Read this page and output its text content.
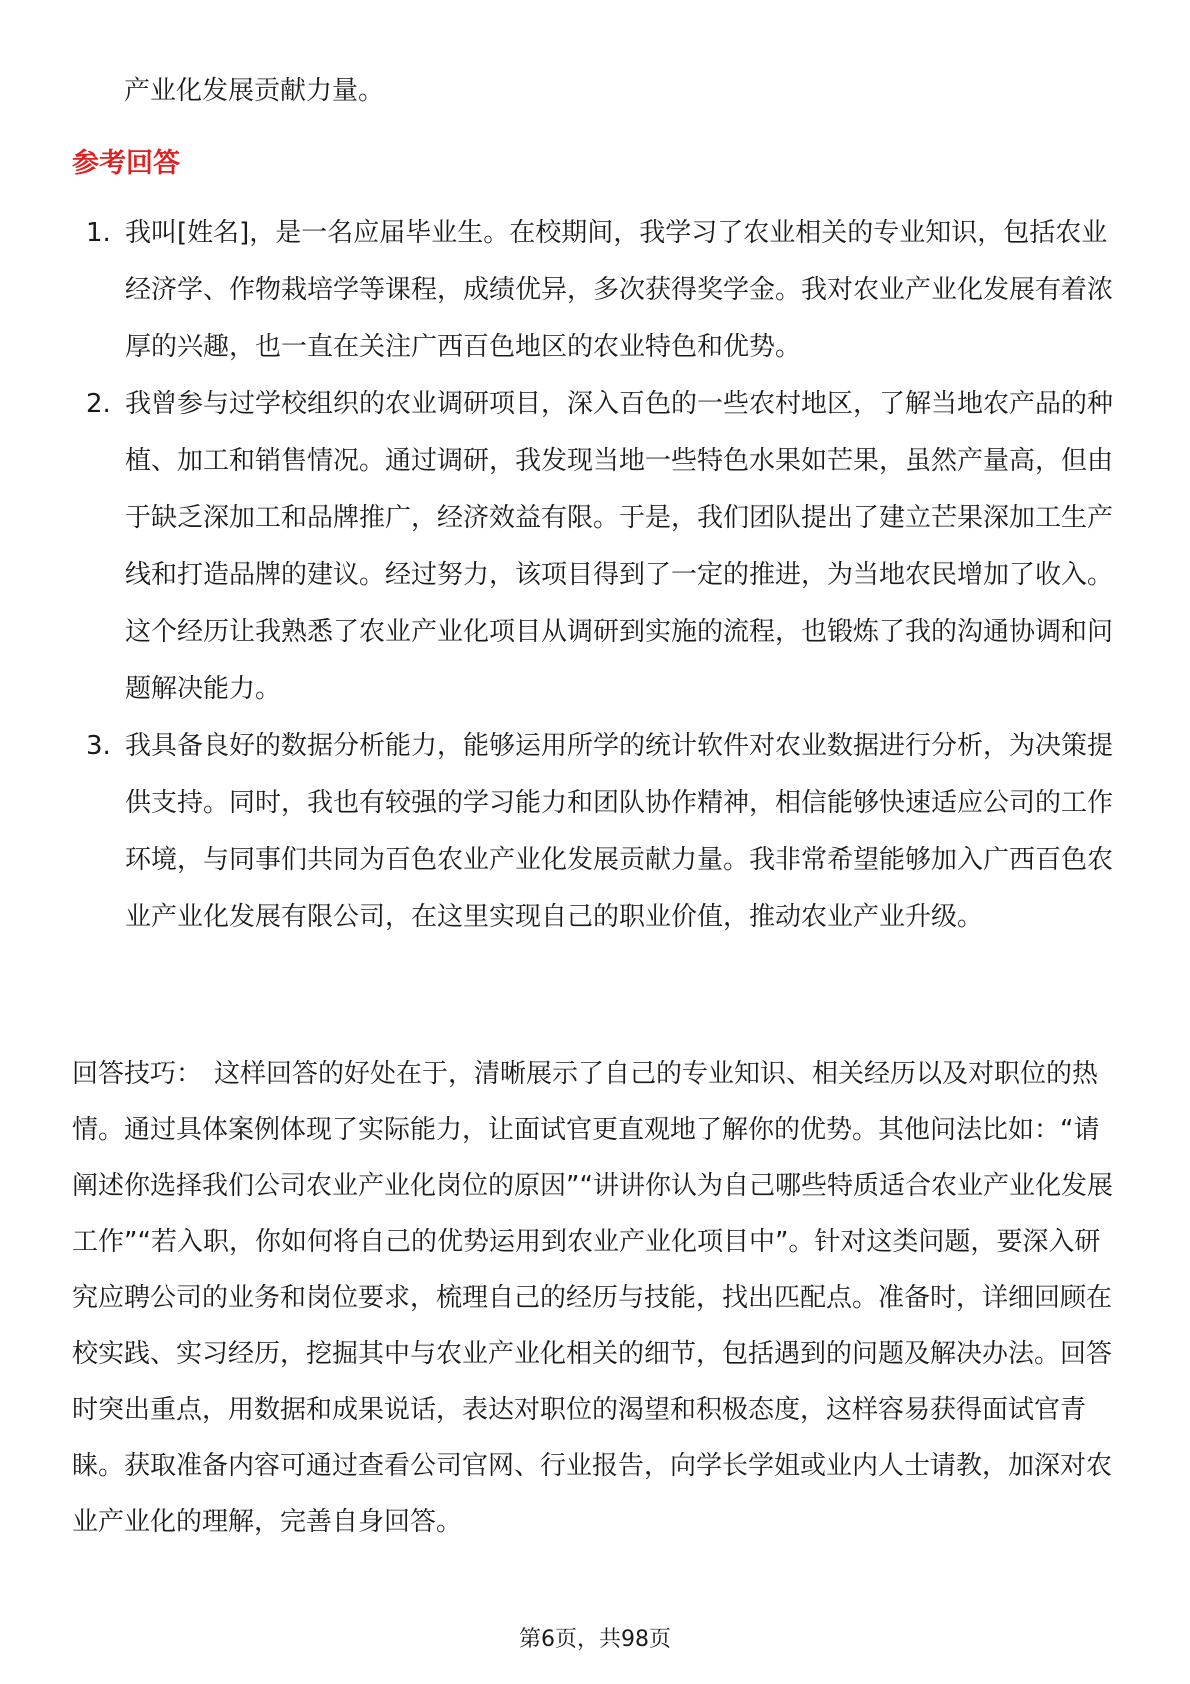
产业化发展贡献力量。

参考回答
1. 我叫[姓名]，是一名应届毕业生。在校期间，我学习了农业相关的专业知识，包括农业经济学、作物栽培学等课程，成绩优异，多次获得奖学金。我对农业产业化发展有着浓厚的兴趣，也一直在关注广西百色地区的农业特色和优势。
2. 我曾参与过学校组织的农业调研项目，深入百色的一些农村地区，了解当地农产品的种植、加工和销售情况。通过调研，我发现当地一些特色水果如芒果，虽然产量高，但由于缺乏深加工和品牌推广，经济效益有限。于是，我们团队提出了建立芒果深加工生产线和打造品牌的建议。经过努力，该项目得到了一定的推进，为当地农民增加了收入。这个经历让我熟悉了农业产业化项目从调研到实施的流程，也锻炼了我的沟通协调和问题解决能力。
3. 我具备良好的数据分析能力，能够运用所学的统计软件对农业数据进行分析，为决策提供支持。同时，我也有较强的学习能力和团队协作精神，相信能够快速适应公司的工作环境，与同事们共同为百色农业产业化发展贡献力量。我非常希望能够加入广西百色农业产业化发展有限公司，在这里实现自己的职业价值，推动农业产业升级。

回答技巧： 这样回答的好处在于，清晰展示了自己的专业知识、相关经历以及对职位的热情。通过具体案例体现了实际能力，让面试官更直观地了解你的优势。其他问法比如：“请阐述你选择我们公司农业产业化岗位的原因”“讲讲你认为自己哪些特质适合农业产业化发展工作”“若入职，你如何将自己的优势运用到农业产业化项目中”。针对这类问题，要深入研究应聘公司的业务和岗位要求，梳理自己的经历与技能，找出匹配点。准备时，详细回顾在校实践、实习经历，挖掘其中与农业产业化相关的细节，包括遇到的问题及解决办法。回答时突出重点，用数据和成果说话，表达对职位的渴望和积极态度，这样容易获得面试官青睐。获取准备内容可通过查看公司官网、行业报告，向学长学姐或业内人士请教，加深对农业产业化的理解，完善自身回答。

第6页，共98页
